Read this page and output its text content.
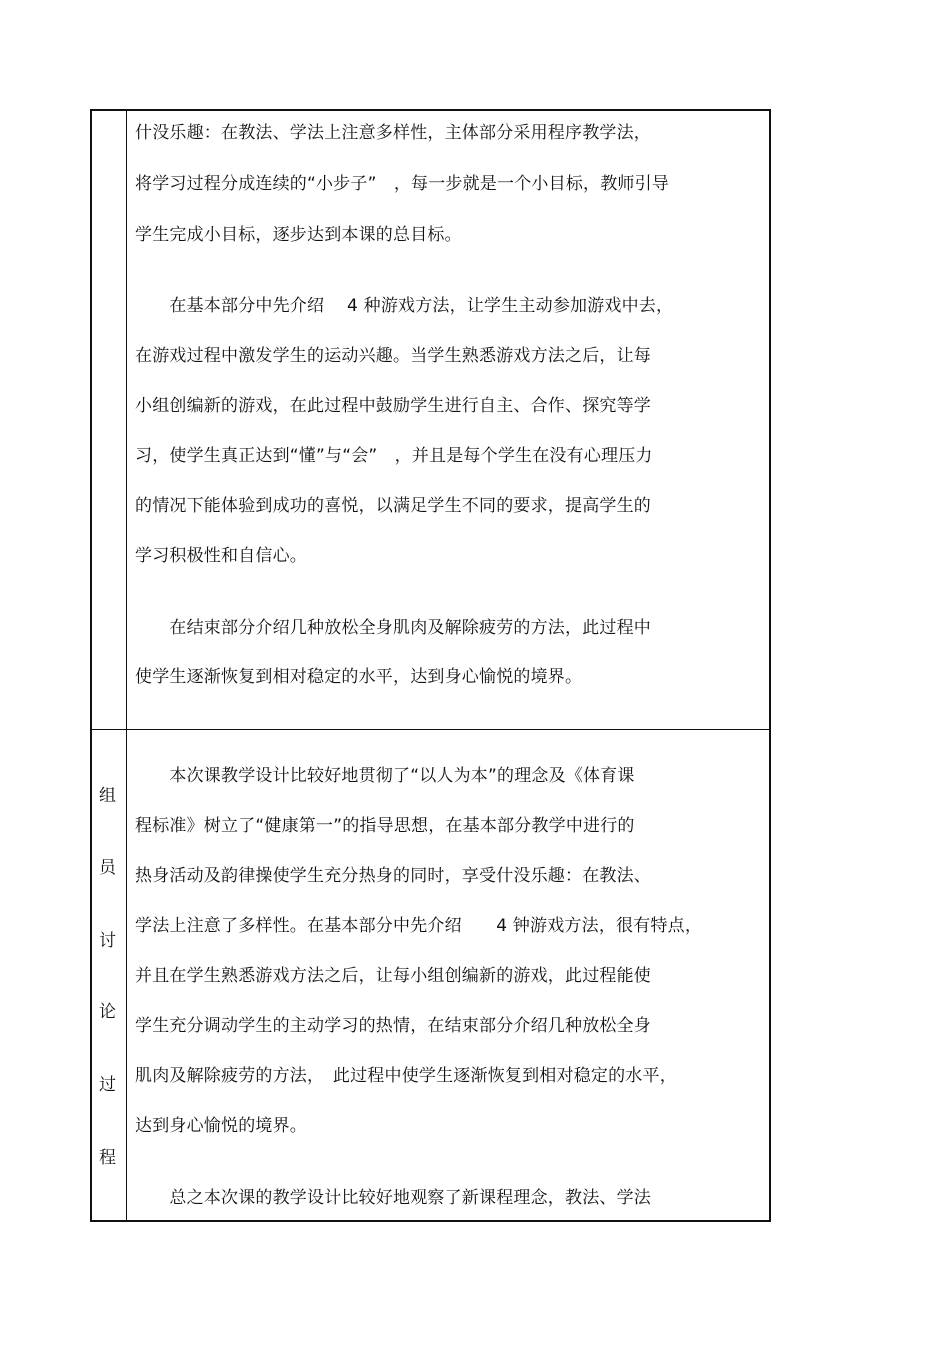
什没乐趣：在教法、学法上注意多样性，主体部分采用程序教学法，
将学习过程分成连续的“小步子”　，每一步就是一个小目标，教师引导
学生完成小目标，逐步达到本课的总目标。
　　在基本部分中先介绍　 4 种游戏方法，让学生主动参加游戏中去，
在游戏过程中激发学生的运动兴趣。当学生熟悉游戏方法之后，让每
小组创编新的游戏，在此过程中鼓励学生进行自主、合作、探究等学
习，使学生真正达到“懂”与“会”　，并且是每个学生在没有心理压力
的情况下能体验到成功的喜悦，以满足学生不同的要求，提高学生的
学习积极性和自信心。
　　在结束部分介绍几种放松全身肌肉及解除疲劳的方法，此过程中
使学生逐渐恢复到相对稳定的水平，达到身心愉悦的境界。
组
员
讨
论
过
程
　　本次课教学设计比较好地贯彻了“以人为本”的理念及《体育课
程标准》树立了“健康第一”的指导思想，在基本部分教学中进行的
热身活动及韵律操使学生充分热身的同时，享受什没乐趣：在教法、
学法上注意了多样性。在基本部分中先介绍　　4 钟游戏方法，很有特点，
并且在学生熟悉游戏方法之后，让每小组创编新的游戏，此过程能使
学生充分调动学生的主动学习的热情，在结束部分介绍几种放松全身
肌肉及解除疲劳的方法，　此过程中使学生逐渐恢复到相对稳定的水平，
达到身心愉悦的境界。
　　总之本次课的教学设计比较好地观察了新课程理念，教法、学法
